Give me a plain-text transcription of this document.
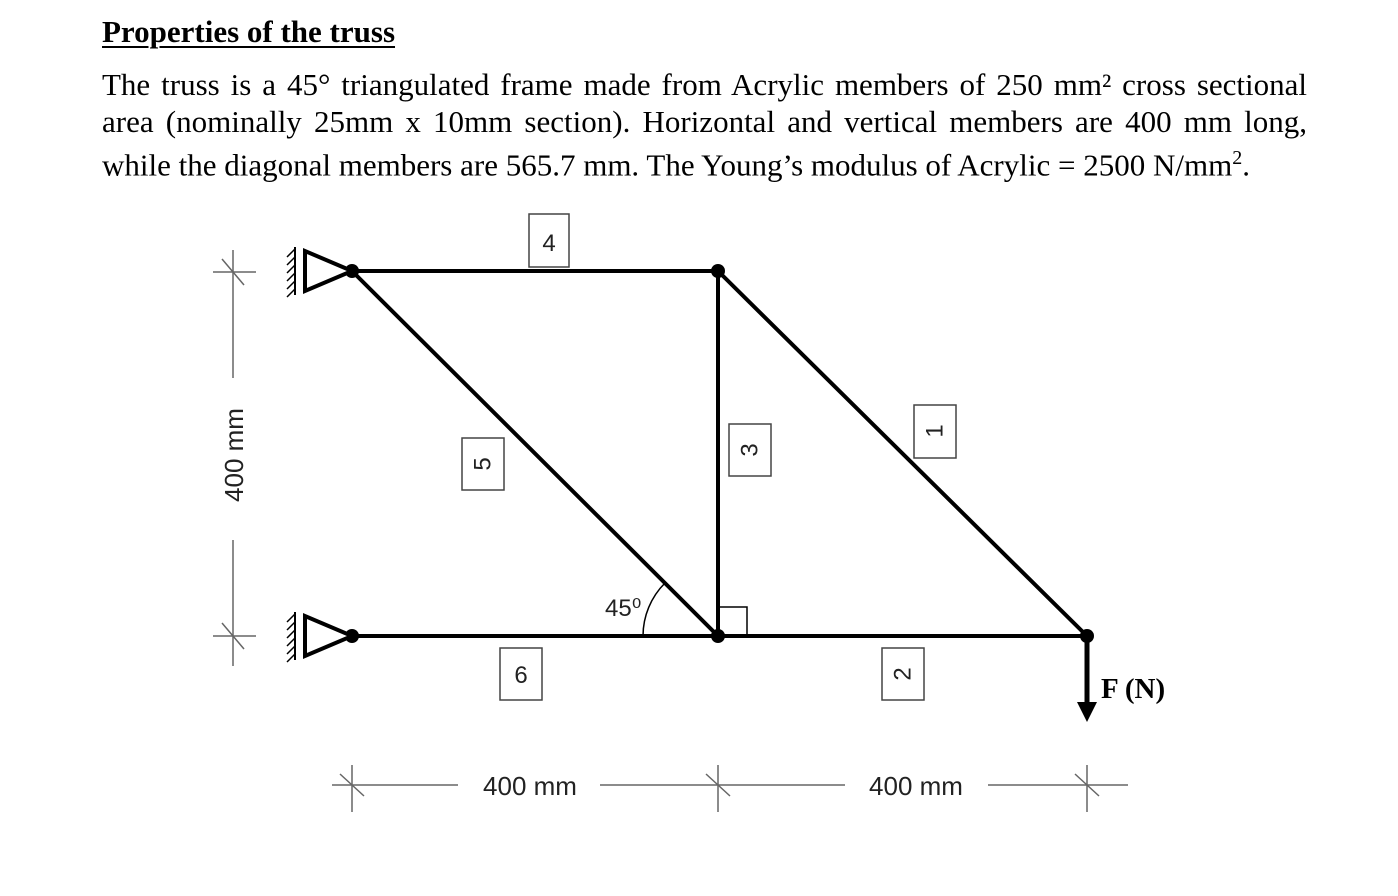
Properties of the truss

The truss is a 45° triangulated frame made from Acrylic members of 250 mm² cross sectional
area (nominally 25mm x 10mm section). Horizontal and vertical members are 400 mm long,
while the diagonal members are 565.7 mm. The Young’s modulus of Acrylic = 2500 $N/mm^2$.

45⁰
4
5
3
1
6	2	F (N)
400 mm
400 mm	400 mm
